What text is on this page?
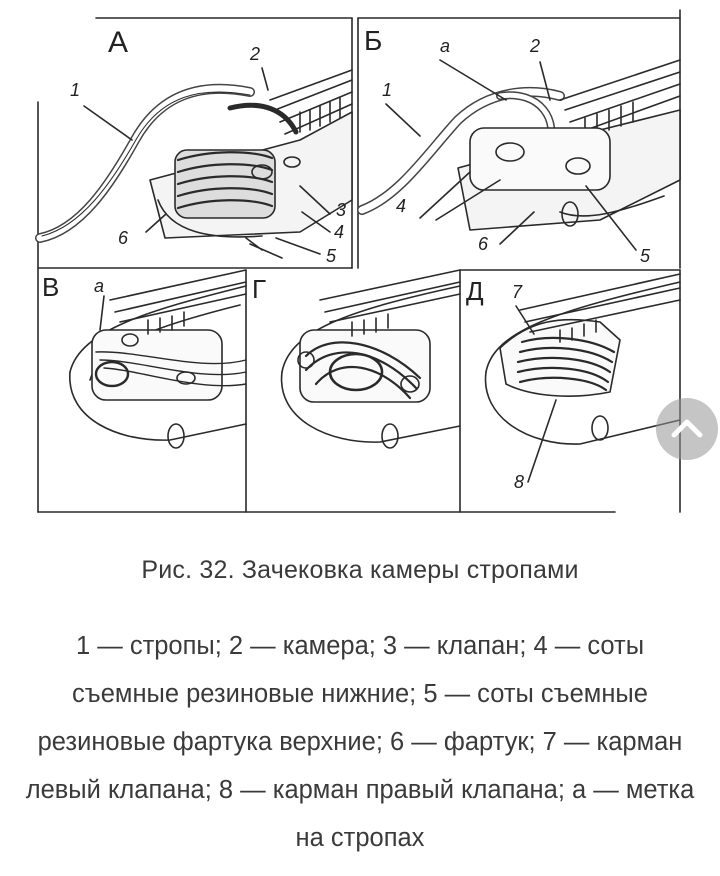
А
1
2
3
4
5
6
Б	a	2
1
4
6
5
В a	Г	Д 7
8
Рис. 32. Зачековка камеры стропами

1 — стропы; 2 — камера; 3 — клапан; 4 — соты съемные резиновые нижние; 5 — соты съемные резиновые фартука верхние; 6 — фартук; 7 — карман левый клапана; 8 — карман правый клапана; а — метка на стропах
